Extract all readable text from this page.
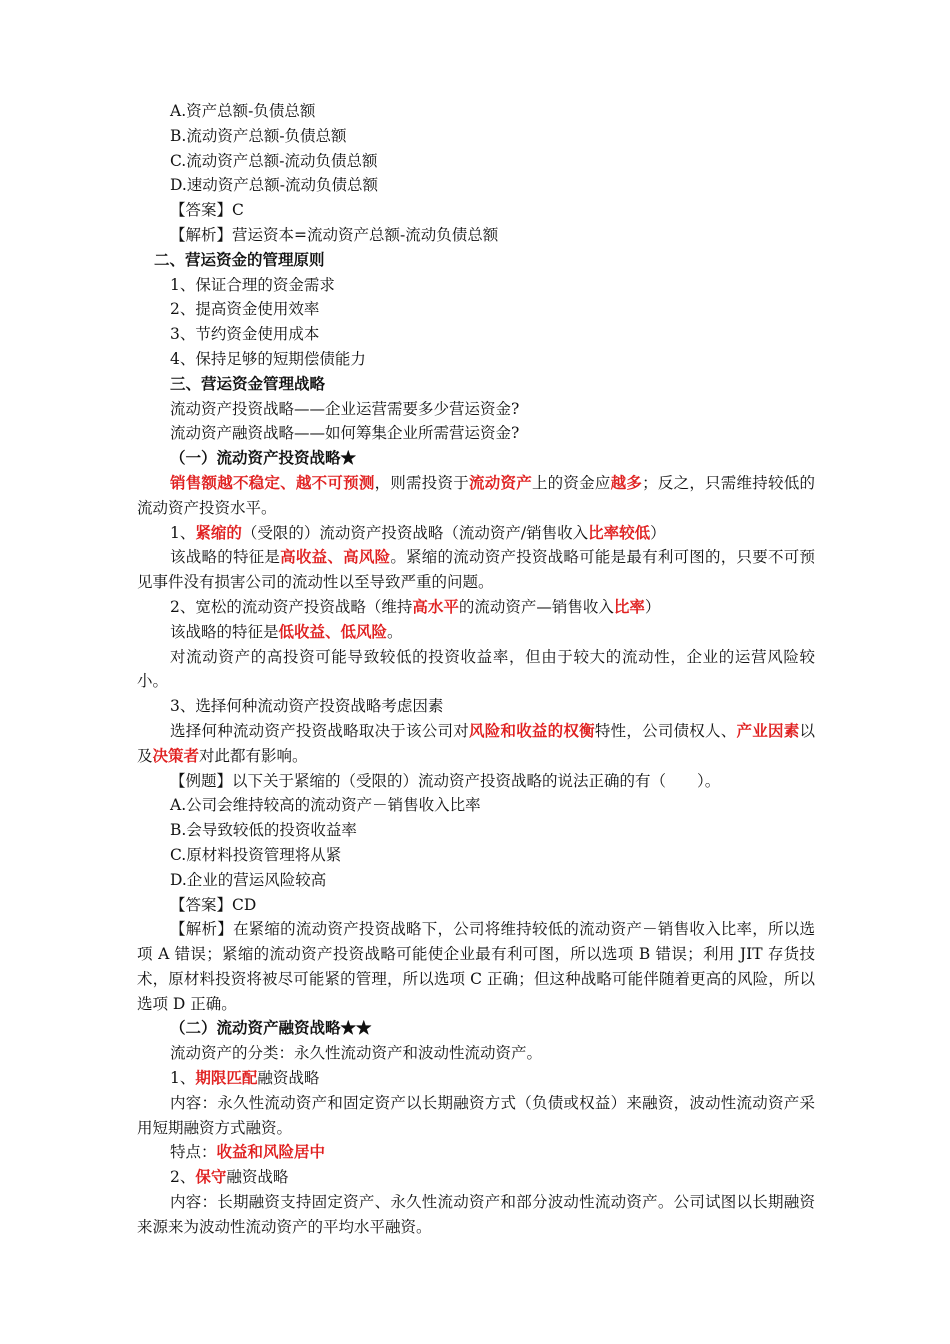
A.资产总额-负债总额

B.流动资产总额-负债总额

C.流动资产总额-流动负债总额

D.速动资产总额-流动负债总额

【答案】C

【解析】营运资本=流动资产总额-流动负债总额

二、营运资金的管理原则

1、保证合理的资金需求

2、提高资金使用效率

3、节约资金使用成本

4、保持足够的短期偿债能力

三、营运资金管理战略

流动资产投资战略——企业运营需要多少营运资金?

流动资产融资战略——如何筹集企业所需营运资金?

（一）流动资产投资战略★

销售额越不稳定、越不可预测，则需投资于流动资产上的资金应越多；反之，只需维持较低的流动资产投资水平。

1、紧缩的（受限的）流动资产投资战略（流动资产/销售收入比率较低）

该战略的特征是高收益、高风险。紧缩的流动资产投资战略可能是最有利可图的，只要不可预见事件没有损害公司的流动性以至导致严重的问题。

2、宽松的流动资产投资战略（维持高水平的流动资产—销售收入比率）

该战略的特征是低收益、低风险。

对流动资产的高投资可能导致较低的投资收益率，但由于较大的流动性，企业的运营风险较小。

3、选择何种流动资产投资战略考虑因素

选择何种流动资产投资战略取决于该公司对风险和收益的权衡特性，公司债权人、产业因素以及决策者对此都有影响。

【例题】以下关于紧缩的（受限的）流动资产投资战略的说法正确的有（　　）。

A.公司会维持较高的流动资产－销售收入比率

B.会导致较低的投资收益率

C.原材料投资管理将从紧

D.企业的营运风险较高

【答案】CD

【解析】在紧缩的流动资产投资战略下，公司将维持较低的流动资产－销售收入比率，所以选项 A 错误；紧缩的流动资产投资战略可能使企业最有利可图，所以选项 B 错误；利用 JIT 存货技术，原材料投资将被尽可能紧的管理，所以选项 C 正确；但这种战略可能伴随着更高的风险，所以选项 D 正确。

（二）流动资产融资战略★★

流动资产的分类：永久性流动资产和波动性流动资产。

1、期限匹配融资战略

内容：永久性流动资产和固定资产以长期融资方式（负债或权益）来融资，波动性流动资产采用短期融资方式融资。

特点：收益和风险居中

2、保守融资战略

内容：长期融资支持固定资产、永久性流动资产和部分波动性流动资产。公司试图以长期融资来源来为波动性流动资产的平均水平融资。
